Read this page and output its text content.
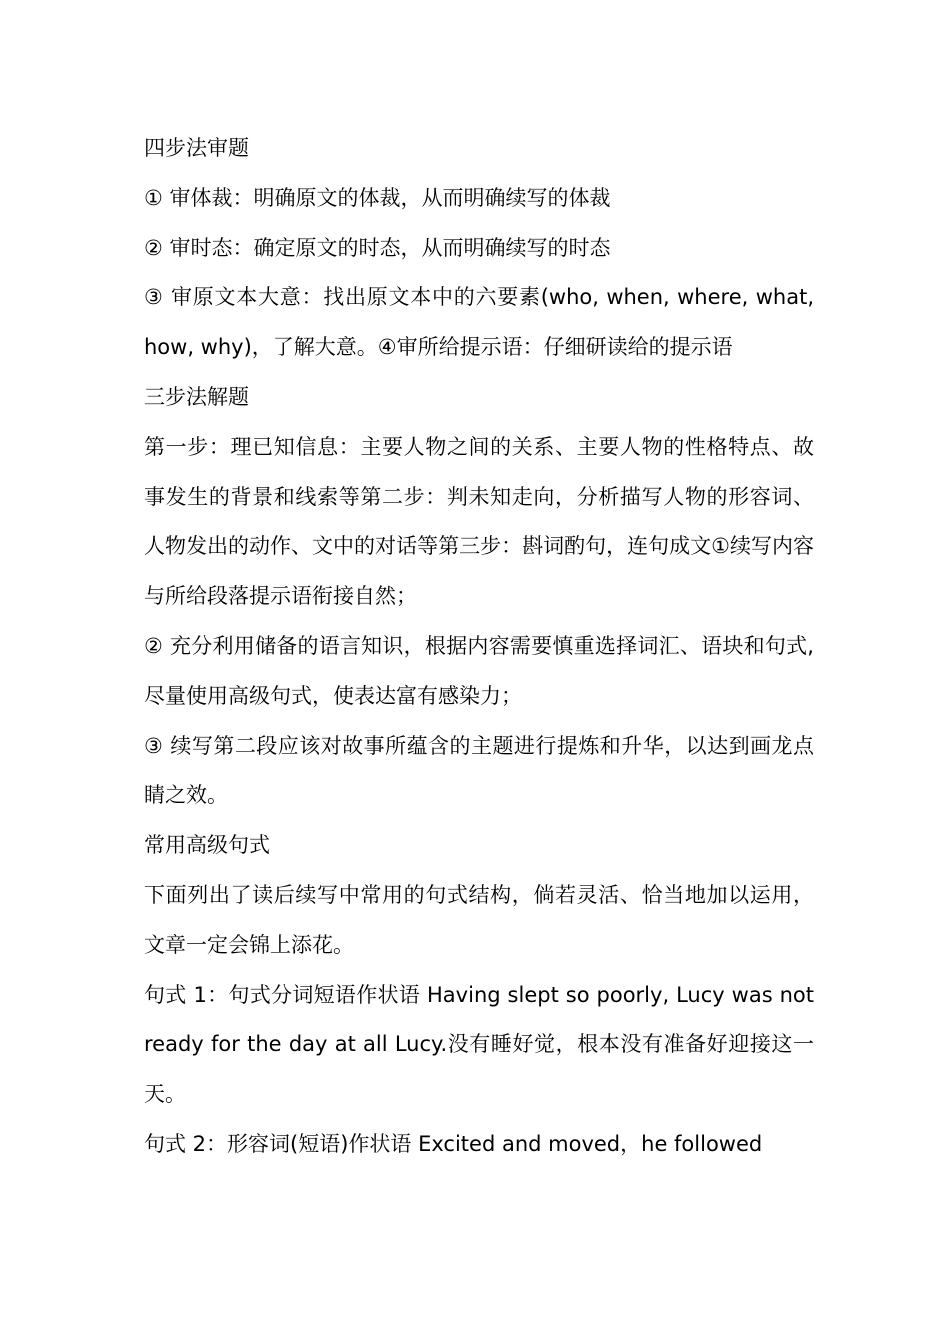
四步法审题

① 审体裁：明确原文的体裁，从而明确续写的体裁

② 审时态：确定原文的时态，从而明确续写的时态

③ 审原文本大意：找出原文本中的六要素(who, when, where, what, how, why)，了解大意。④审所给提示语：仔细研读给的提示语

三步法解题

第一步：理已知信息：主要人物之间的关系、主要人物的性格特点、故事发生的背景和线索等第二步：判未知走向，分析描写人物的形容词、人物发出的动作、文中的对话等第三步：斟词酌句，连句成文①续写内容与所给段落提示语衔接自然；

② 充分利用储备的语言知识，根据内容需要慎重选择词汇、语块和句式,尽量使用高级句式，使表达富有感染力；

③ 续写第二段应该对故事所蕴含的主题进行提炼和升华，以达到画龙点睛之效。

常用高级句式

下面列出了读后续写中常用的句式结构，倘若灵活、恰当地加以运用，文章一定会锦上添花。

句式 1：句式分词短语作状语 Having slept so poorly, Lucy was not ready for the day at all Lucy.没有睡好觉，根本没有准备好迎接这一天。

句式 2：形容词(短语)作状语 Excited and moved，he followed
